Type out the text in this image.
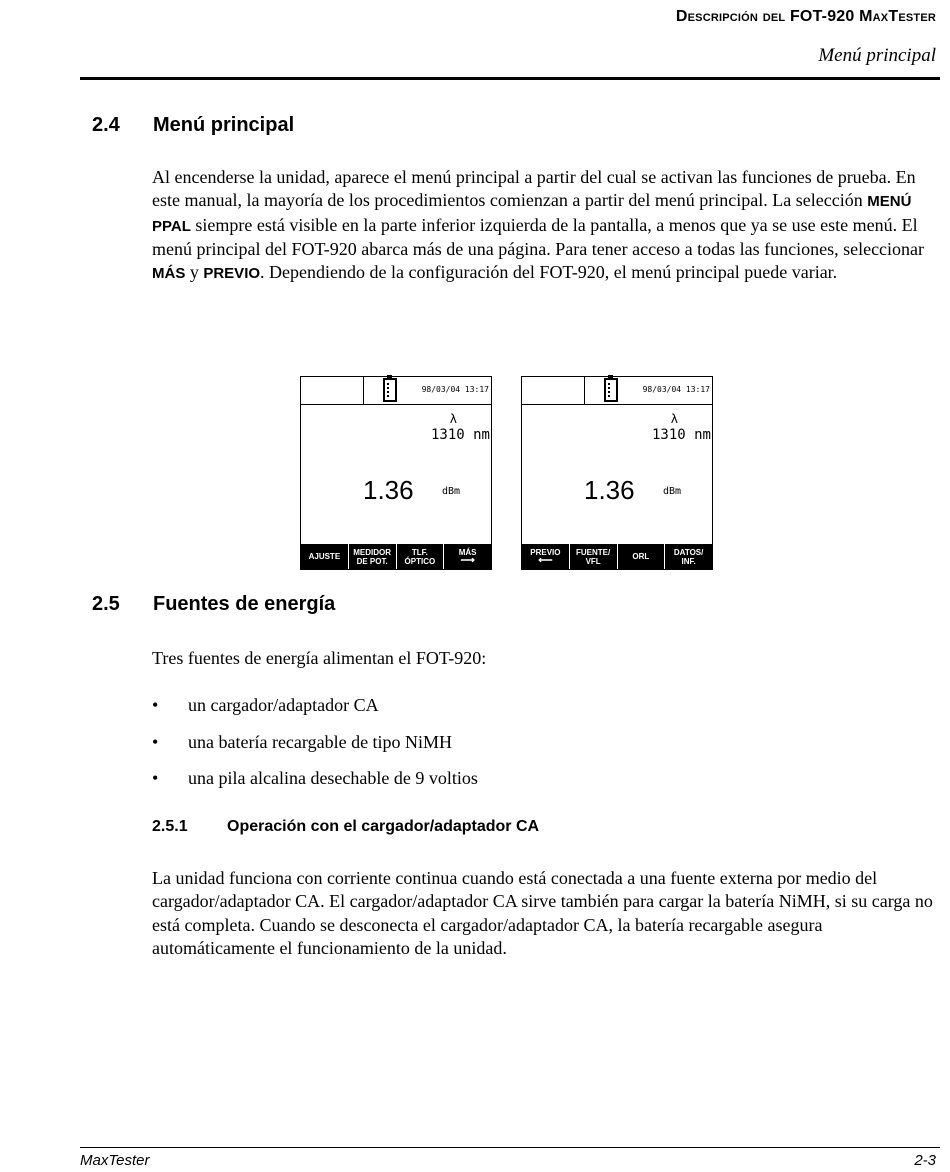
Descripción del FOT-920 MaxTester
Menú principal
2.4 Menú principal
Al encenderse la unidad, aparece el menú principal a partir del cual se activan las funciones de prueba. En este manual, la mayoría de los procedimientos comienzan a partir del menú principal. La selección MENÚ PPAL siempre está visible en la parte inferior izquierda de la pantalla, a menos que ya se use este menú. El menú principal del FOT-920 abarca más de una página. Para tener acceso a todas las funciones, seleccionar MÁS y PREVIO. Dependiendo de la configuración del FOT-920, el menú principal puede variar.
98/03/04 13:17
λ
1310 nm
1.36	dBm
AJUSTE MEDIDOR
DE POT.
TLF.
ÓPTICO
MÁS
⟶
98/03/04 13:17
λ
1310 nm
1.36	dBm
PREVIO
⟵
FUENTE/
VFL	ORL	DATOS/
INF.
2.5 Fuentes de energía
Tres fuentes de energía alimentan el FOT-920:
• un cargador/adaptador CA
• una batería recargable de tipo NiMH
• una pila alcalina desechable de 9 voltios
2.5.1 Operación con el cargador/adaptador CA
La unidad funciona con corriente continua cuando está conectada a una fuente externa por medio del cargador/adaptador CA. El cargador/adaptador CA sirve también para cargar la batería NiMH, si su carga no está completa. Cuando se desconecta el cargador/adaptador CA, la batería recargable asegura automáticamente el funcionamiento de la unidad.
MaxTester	2-3
